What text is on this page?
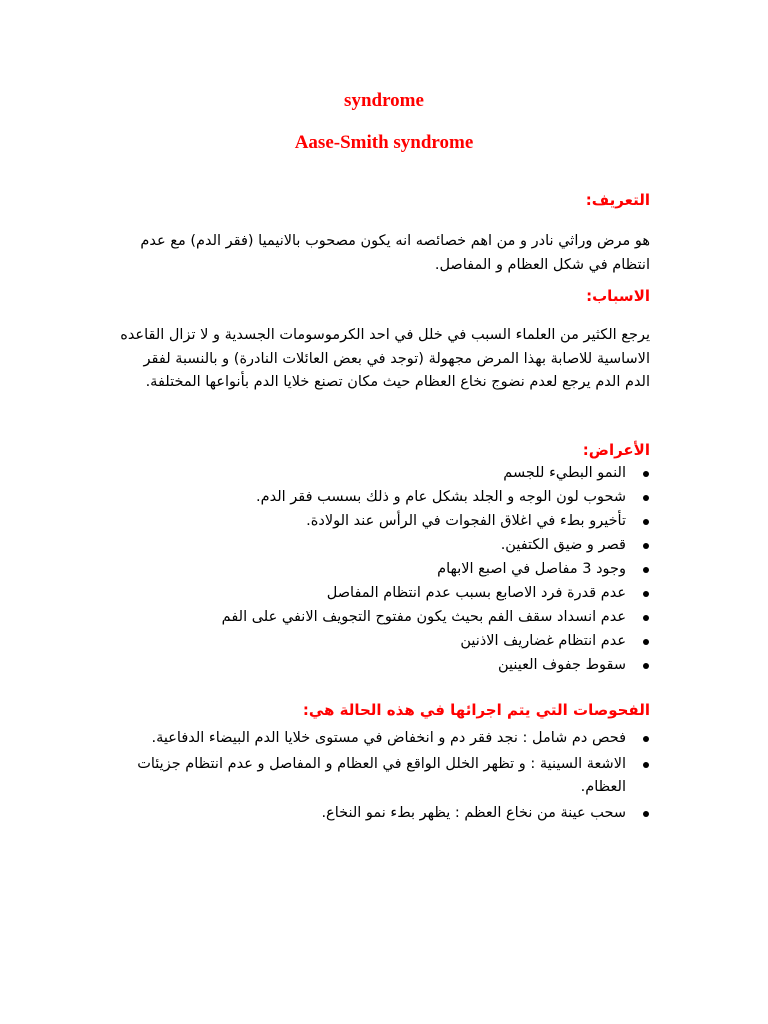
syndrome
Aase-Smith syndrome
التعريف:

هو مرض وراثي نادر و من اهم خصائصه انه يكون مصحوب بالانيميا (فقر الدم) مع عدم انتظام في شكل العظام و المفاصل.

الاسباب:

يرجع الكثير من العلماء السبب في خلل في احد الكرموسومات الجسدية و لا تزال القاعده الاساسية للاصابة بهذا المرض مجهولة (توجد في بعض العائلات النادرة) و بالنسبة لفقر الدم الدم يرجع لعدم نضوج نخاع العظام حيث مكان تصنع خلايا الدم بأنواعها المختلفة.

الأعراض:
النمو البطيء للجسم
شحوب لون الوجه و الجلد بشكل عام و ذلك بسسب فقر الدم.
تأخيرو بطء في اغلاق الفجوات في الرأس عند الولادة.
قصر و ضيق الكتفين.
وجود 3 مفاصل في اصبع الابهام
عدم قدرة فرد الاصابع بسبب عدم انتظام المفاصل
عدم انسداد سقف الفم بحيث يكون مفتوح التجويف الانفي على الفم
عدم انتظام غضاريف الاذنين
سقوط جفوف العينين
الفحوصات التي يتم اجرائها في هذه الحالة هي:
فحص دم شامل : نجد فقر دم و انخفاض في مستوى خلايا الدم البيضاء الدفاعية.
الاشعة السينية : و تظهر الخلل الواقع في العظام و المفاصل و عدم انتظام جزيئات العظام.
سحب عينة من نخاع العظم : يظهر بطء نمو النخاع.
